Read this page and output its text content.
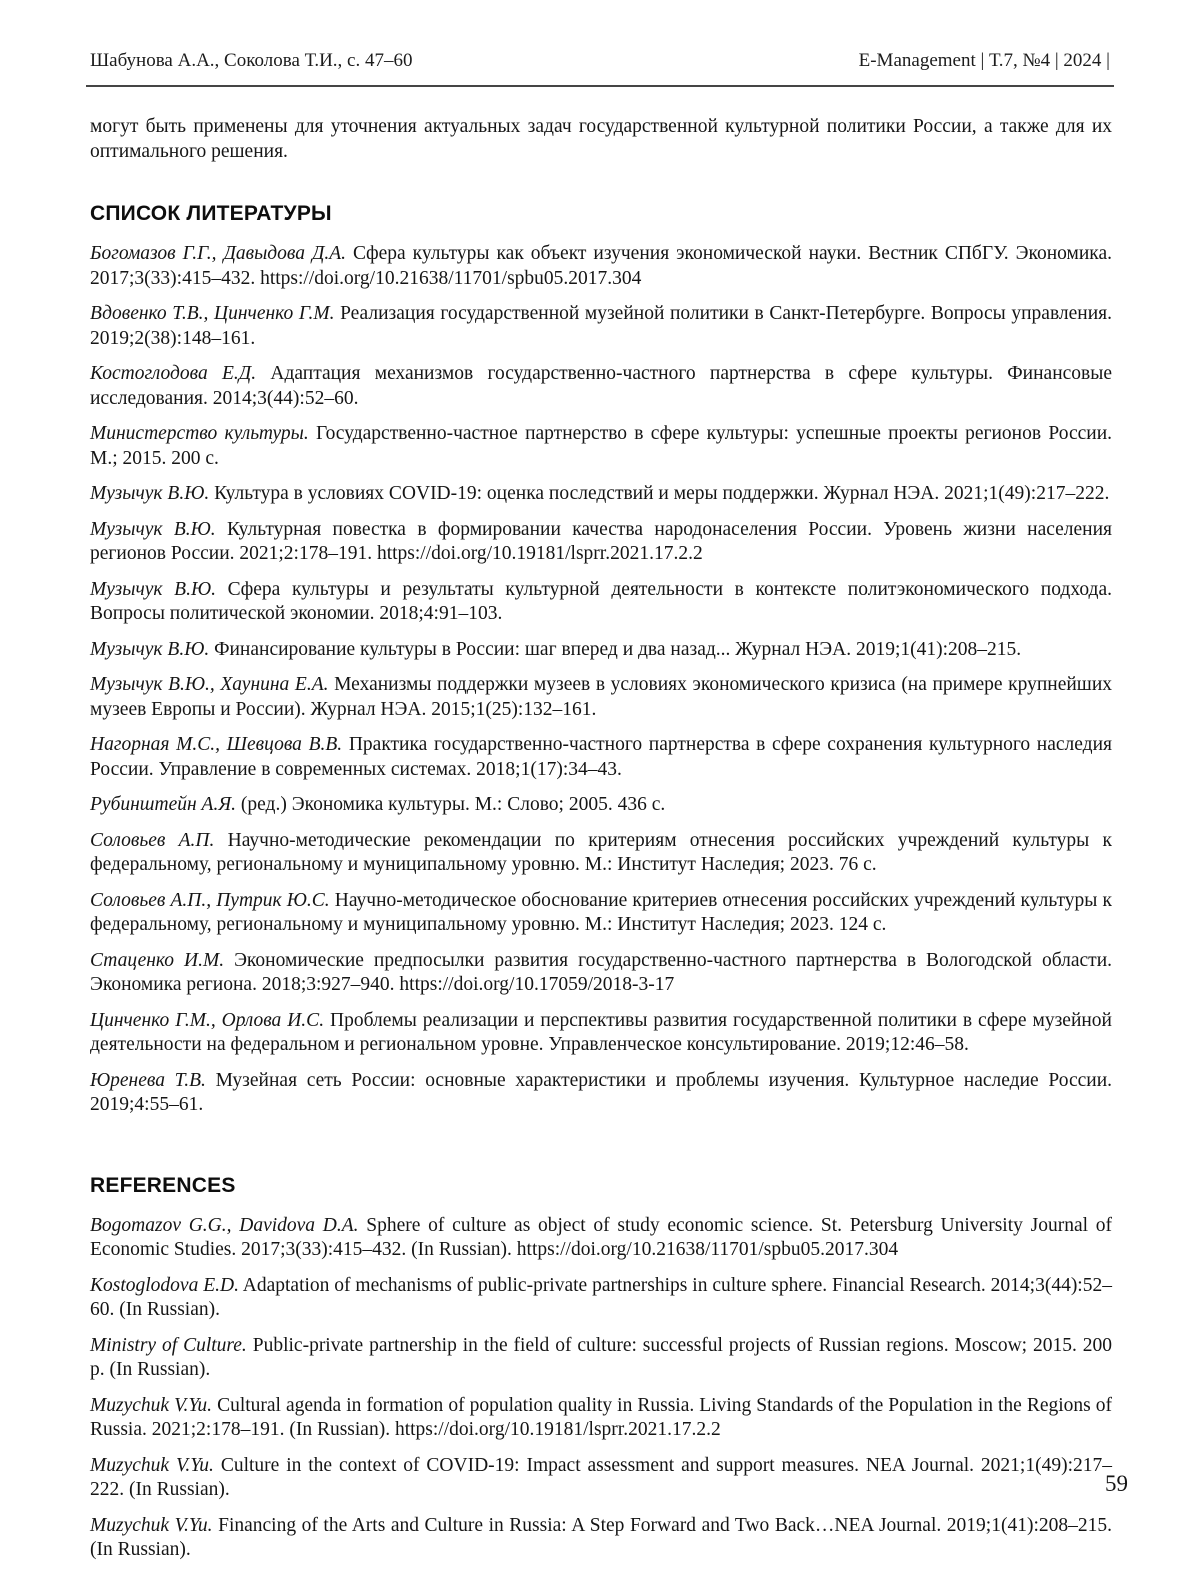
Шабунова А.А., Соколова Т.И., с. 47–60	E-Management | Т.7, №4 | 2024 |

могут быть применены для уточнения актуальных задач государственной культурной политики России, а также для их оптимального решения.

СПИСОК ЛИТЕРАТУРЫ

Богомазов Г.Г., Давыдова Д.А. Сфера культуры как объект изучения экономической науки. Вестник СПбГУ. Экономика. 2017;3(33):415–432. https://doi.org/10.21638/11701/spbu05.2017.304

Вдовенко Т.В., Цинченко Г.М. Реализация государственной музейной политики в Санкт-Петербурге. Вопросы управления. 2019;2(38):148–161.

Костоглодова Е.Д. Адаптация механизмов государственно-частного партнерства в сфере культуры. Финансовые исследования. 2014;3(44):52–60.

Министерство культуры. Государственно-частное партнерство в сфере культуры: успешные проекты регионов России. М.; 2015. 200 с.

Музычук В.Ю. Культура в условиях COVID-19: оценка последствий и меры поддержки. Журнал НЭА. 2021;1(49):217–222.

Музычук В.Ю. Культурная повестка в формировании качества народонаселения России. Уровень жизни населения регионов России. 2021;2:178–191. https://doi.org/10.19181/lsprr.2021.17.2.2

Музычук В.Ю. Сфера культуры и результаты культурной деятельности в контексте политэкономического подхода. Вопросы политической экономии. 2018;4:91–103.

Музычук В.Ю. Финансирование культуры в России: шаг вперед и два назад... Журнал НЭА. 2019;1(41):208–215.

Музычук В.Ю., Хаунина Е.А. Механизмы поддержки музеев в условиях экономического кризиса (на примере крупнейших музеев Европы и России). Журнал НЭА. 2015;1(25):132–161.

Нагорная М.С., Шевцова В.В. Практика государственно-частного партнерства в сфере сохранения культурного наследия России. Управление в современных системах. 2018;1(17):34–43.

Рубинштейн А.Я. (ред.) Экономика культуры. М.: Слово; 2005. 436 с.

Соловьев А.П. Научно-методические рекомендации по критериям отнесения российских учреждений культуры к федеральному, региональному и муниципальному уровню. М.: Институт Наследия; 2023. 76 с.

Соловьев А.П., Путрик Ю.С. Научно-методическое обоснование критериев отнесения российских учреждений культуры к федеральному, региональному и муниципальному уровню. М.: Институт Наследия; 2023. 124 с.

Стаценко И.М. Экономические предпосылки развития государственно-частного партнерства в Вологодской области. Экономика региона. 2018;3:927–940. https://doi.org/10.17059/2018-3-17

Цинченко Г.М., Орлова И.С. Проблемы реализации и перспективы развития государственной политики в сфере музейной деятельности на федеральном и региональном уровне. Управленческое консультирование. 2019;12:46–58.

Юренева Т.В. Музейная сеть России: основные характеристики и проблемы изучения. Культурное наследие России. 2019;4:55–61.

REFERENCES

Bogomazov G.G., Davidova D.A. Sphere of culture as object of study economic science. St. Petersburg University Journal of Economic Studies. 2017;3(33):415–432. (In Russian). https://doi.org/10.21638/11701/spbu05.2017.304

Kostoglodova E.D. Adaptation of mechanisms of public-private partnerships in culture sphere. Financial Research. 2014;3(44):52–60. (In Russian).

Ministry of Culture. Public-private partnership in the field of culture: successful projects of Russian regions. Moscow; 2015. 200 p. (In Russian).

Muzychuk V.Yu. Cultural agenda in formation of population quality in Russia. Living Standards of the Population in the Regions of Russia. 2021;2:178–191. (In Russian). https://doi.org/10.19181/lsprr.2021.17.2.2

Muzychuk V.Yu. Culture in the context of COVID-19: Impact assessment and support measures. NEA Journal. 2021;1(49):217–222. (In Russian).

Muzychuk V.Yu. Financing of the Arts and Culture in Russia: A Step Forward and Two Back…NEA Journal. 2019;1(41):208–215. (In Russian).

59
